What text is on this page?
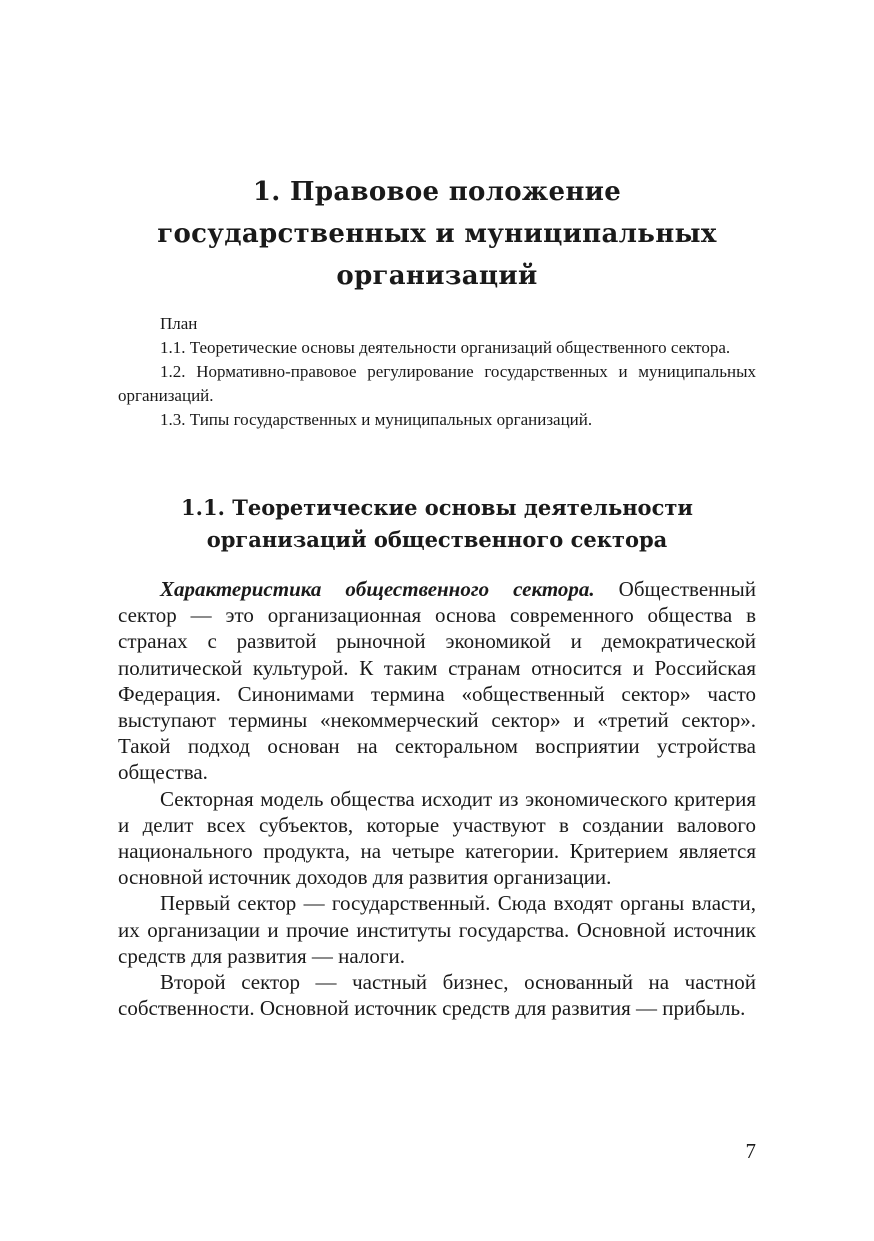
1. Правовое положение
государственных и муниципальных
организаций
План

1.1. Теоретические основы деятельности организаций общественного сектора.

1.2. Нормативно-правовое регулирование государственных и муниципальных организаций.

1.3. Типы государственных и муниципальных организаций.

1.1. Теоретические основы деятельности
организаций общественного сектора

Характеристика общественного сектора. Общественный сектор — это организационная основа современного общества в странах с развитой рыночной экономикой и демократической политической культурой. К таким странам относится и Российская Федерация. Синонимами термина «общественный сектор» часто выступают термины «некоммерческий сектор» и «третий сектор». Такой подход основан на секторальном восприятии устройства общества.

Секторная модель общества исходит из экономического критерия и делит всех субъектов, которые участвуют в создании валового национального продукта, на четыре категории. Критерием является основной источник доходов для развития организации.

Первый сектор — государственный. Сюда входят органы власти, их организации и прочие институты государства. Основной источник средств для развития — налоги.

Второй сектор — частный бизнес, основанный на частной собственности. Основной источник средств для развития — прибыль.

7
